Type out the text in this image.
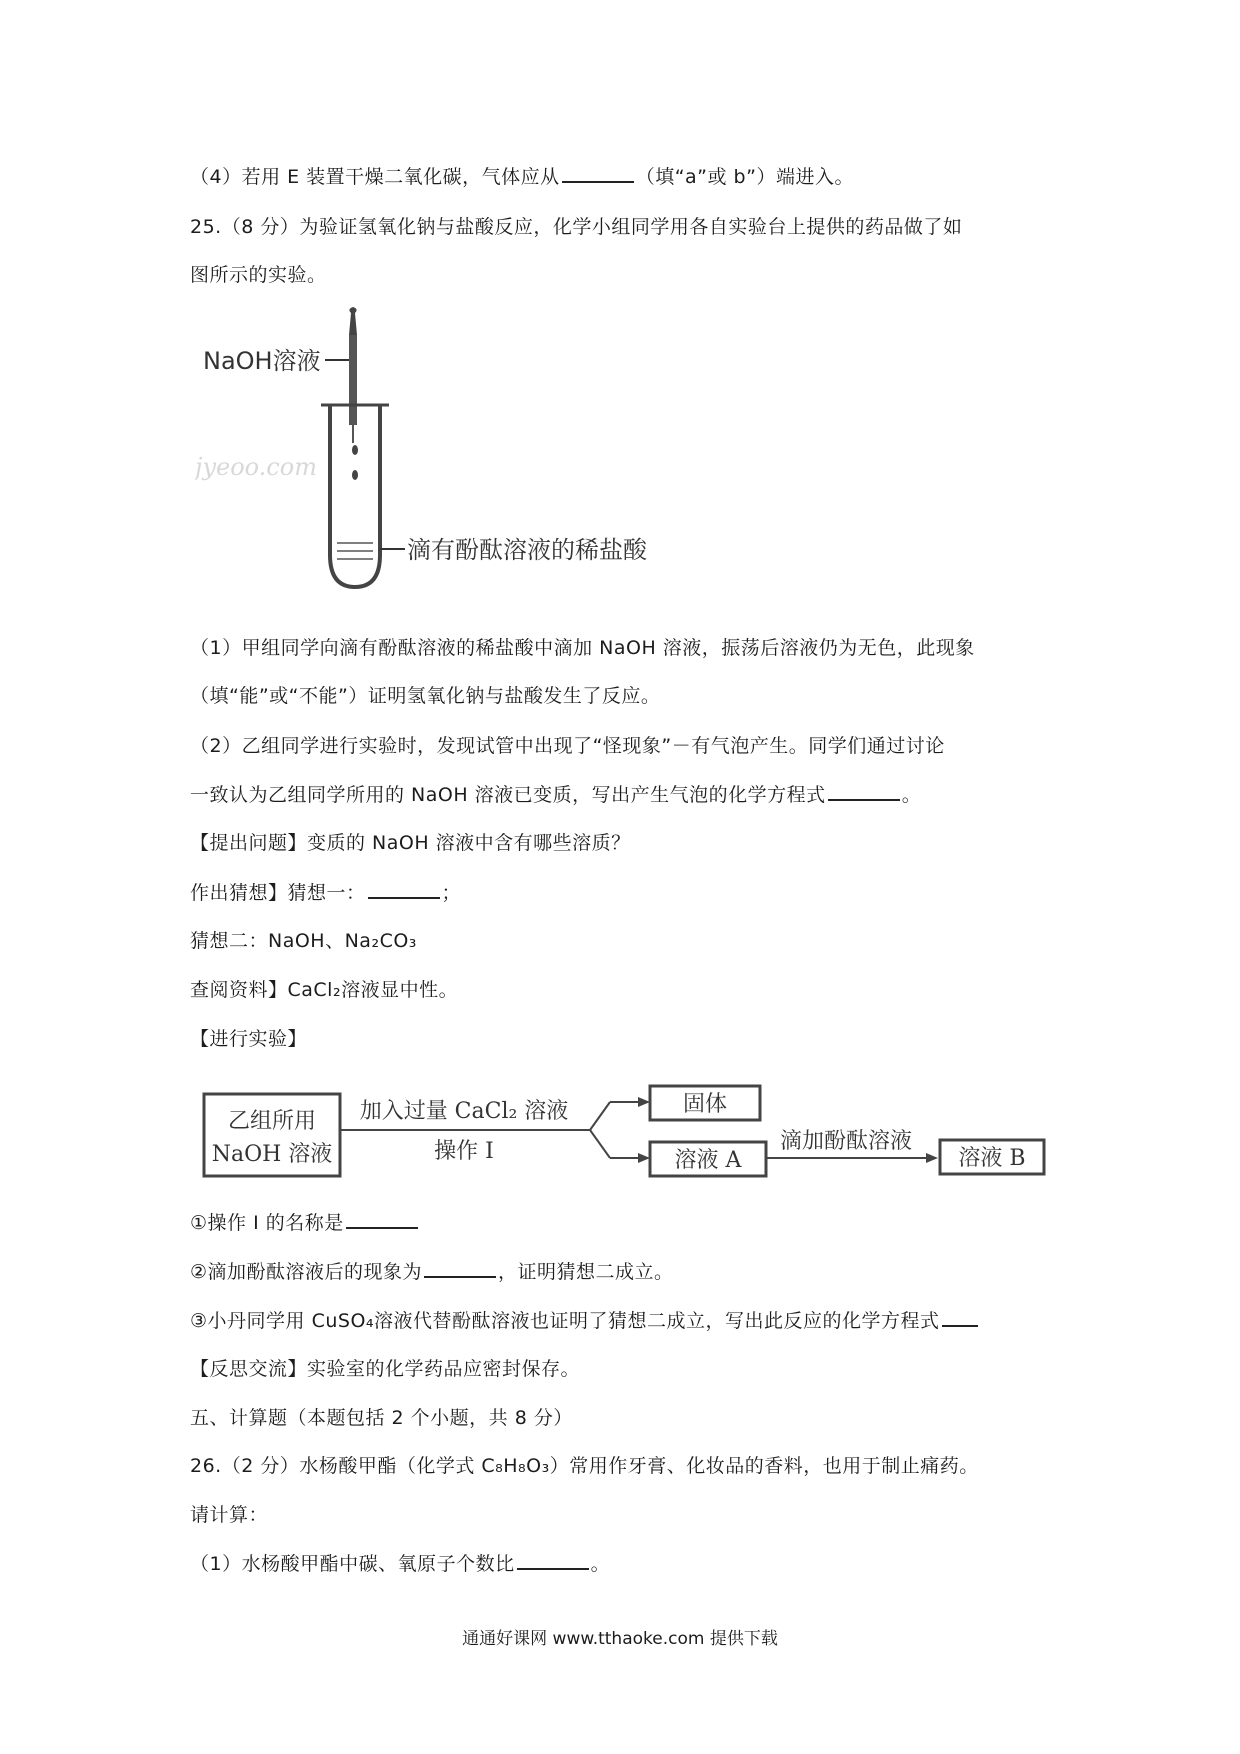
（4）若用 E 装置干燥二氧化碳，气体应从	（填“a”或 b”）端进入。
25.（8 分）为验证氢氧化钠与盐酸反应，化学小组同学用各自实验台上提供的药品做了如
图所示的实验。
NaOH溶液
滴有酚酞溶液的稀盐酸
jyeoo.com
（1）甲组同学向滴有酚酞溶液的稀盐酸中滴加 NaOH 溶液，振荡后溶液仍为无色，此现象
（填“能”或“不能”）证明氢氧化钠与盐酸发生了反应。
（2）乙组同学进行实验时，发现试管中出现了“怪现象”－有气泡产生。同学们通过讨论
一致认为乙组同学所用的 NaOH 溶液已变质，写出产生气泡的化学方程式	。
【提出问题】变质的 NaOH 溶液中含有哪些溶质？
作出猜想】猜想一：	；
猜想二：NaOH、Na₂CO₃
查阅资料】CaCl₂溶液显中性。
【进行实验】
乙组所用
NaOH 溶液
加入过量 CaCl₂ 溶液
操作 I
固体
溶液 A
滴加酚酞溶液
溶液 B
①操作 I 的名称是
②滴加酚酞溶液后的现象为	，证明猜想二成立。
③小丹同学用 CuSO₄溶液代替酚酞溶液也证明了猜想二成立，写出此反应的化学方程式
【反思交流】实验室的化学药品应密封保存。
五、计算题（本题包括 2 个小题，共 8 分）
26.（2 分）水杨酸甲酯（化学式 C₈H₈O₃）常用作牙膏、化妆品的香料，也用于制止痛药。
请计算：
（1）水杨酸甲酯中碳、氧原子个数比	。
通通好课网 www.tthaoke.com 提供下载
